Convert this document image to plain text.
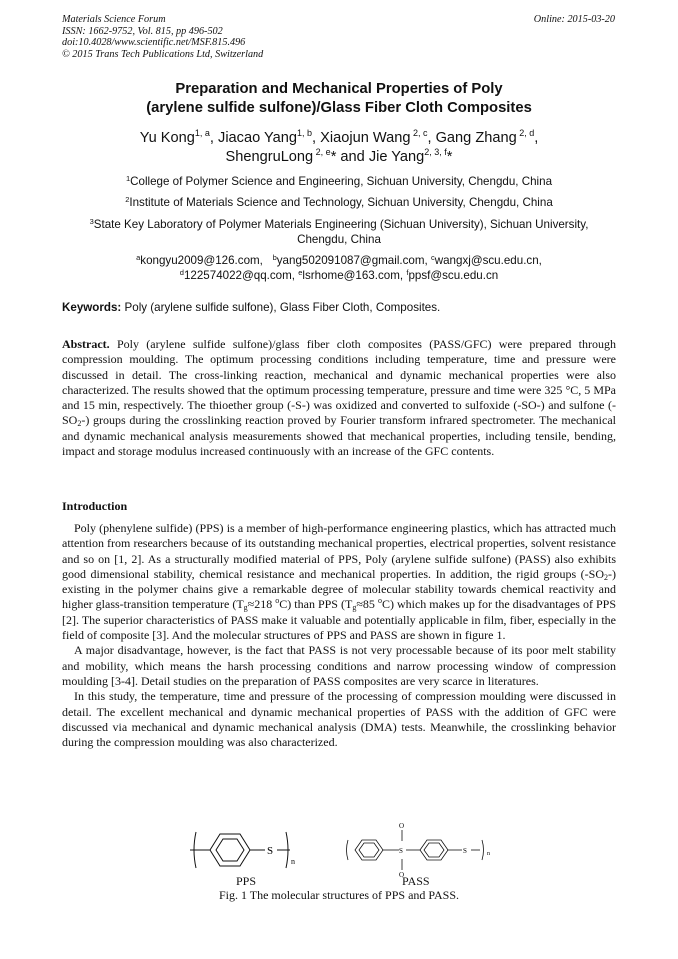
Materials Science Forum
ISSN: 1662-9752, Vol. 815, pp 496-502
doi:10.4028/www.scientific.net/MSF.815.496
© 2015 Trans Tech Publications Ltd, Switzerland
Online: 2015-03-20
Preparation and Mechanical Properties of Poly
(arylene sulfide sulfone)/Glass Fiber Cloth Composites
Yu Kong$^{1, a}$, Jiacao Yang$^{1, b}$, Xiaojun Wang $^{2, c}$, Gang Zhang $^{2, d}$,
ShengruLong $^{2, e}$* and Jie Yang$^{2, 3, f}$*
$^1$College of Polymer Science and Engineering, Sichuan University, Chengdu, China
$^2$Institute of Materials Science and Technology, Sichuan University, Chengdu, China
$^3$State Key Laboratory of Polymer Materials Engineering (Sichuan University), Sichuan University,
Chengdu, China
$^a$kongyu2009@126.com, $^b$yang502091087@gmail.com, $^c$wangxj@scu.edu.cn,
$^d$122574022@qq.com, $^e$lsrhome@163.com, $^f$ppsf@scu.edu.cn
Keywords: Poly (arylene sulfide sulfone), Glass Fiber Cloth, Composites.
Abstract. Poly (arylene sulfide sulfone)/glass fiber cloth composites (PASS/GFC) were prepared through compression moulding. The optimum processing conditions including temperature, time and pressure were discussed in detail. The cross-linking reaction, mechanical and dynamic mechanical properties were also characterized. The results showed that the optimum processing temperature, pressure and time were 325 °C, 5 MPa and 15 min, respectively. The thioether group (-S-) was oxidized and converted to sulfoxide (-SO-) and sulfone $(-SO_2-)$ groups during the crosslinking reaction proved by Fourier transform infrared spectrometer. The mechanical and dynamic mechanical analysis measurements showed that mechanical properties, including tensile, bending, impact and storage modulus increased continuously with an increase of the GFC contents.
Introduction

Poly (phenylene sulfide) (PPS) is a member of high-performance engineering plastics, which has attracted much attention from researchers because of its outstanding mechanical properties, electrical properties, solvent resistance and so on [1, 2]. As a structurally modified material of PPS, Poly (arylene sulfide sulfone) (PASS) also exhibits good dimensional stability, chemical resistance and mechanical properties. In addition, the rigid groups $(-SO_2-)$ existing in the polymer chains give a remarkable degree of molecular stability towards chemical reactivity and higher glass-transition temperature ($T_g\approx 218$ $^o$C) than PPS ($T_g\approx 85$ $^o$C) which makes up for the disadvantages of PPS [2]. The superior characteristics of PASS make it valuable and potentially applicable in film, fiber, especially in the field of composite [3]. And the molecular structures of PPS and PASS are shown in figure 1.

A major disadvantage, however, is the fact that PASS is not very processable because of its poor melt stability and mobility, which means the harsh processing conditions and narrow processing window of compression moulding [3-4]. Detail studies on the preparation of PASS composites are very scarce in literatures.

In this study, the temperature, time and pressure of the processing of compression moulding were discussed in detail. The excellent mechanical and dynamic mechanical properties of PASS with the addition of GFC were discussed via mechanical and dynamic mechanical analysis (DMA) tests. Meanwhile, the crosslinking behavior during the compression moulding was also characterized.

S
n
O
S
O
S	n
PPS	PASS
Fig. 1 The molecular structures of PPS and PASS.
